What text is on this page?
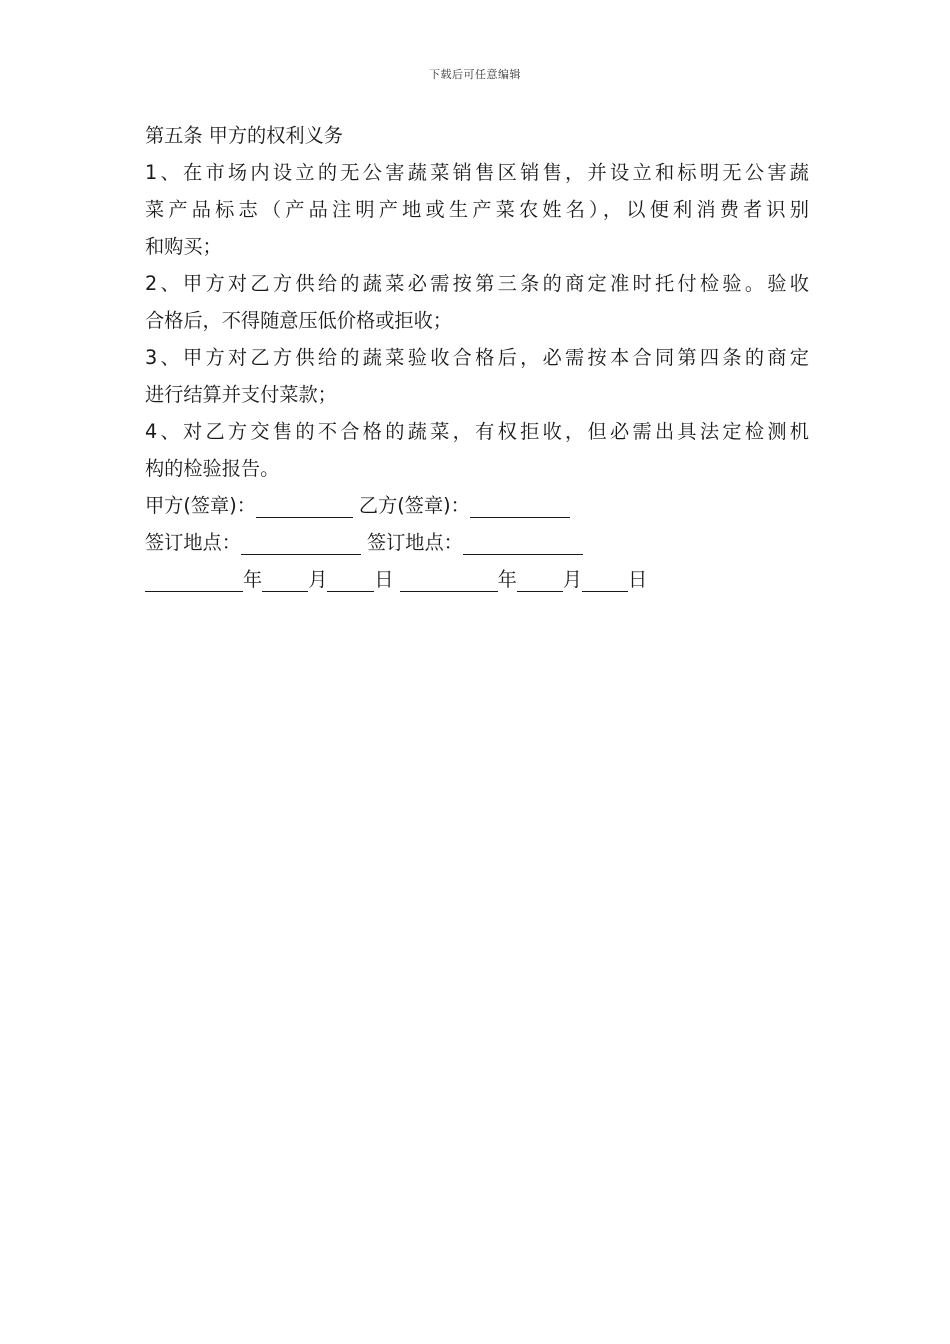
下载后可任意编辑

第五条 甲方的权利义务

1、在市场内设立的无公害蔬菜销售区销售，并设立和标明无公害蔬
菜产品标志（产品注明产地或生产菜农姓名），以便利消费者识别
和购买；
2、甲方对乙方供给的蔬菜必需按第三条的商定准时托付检验。验收
合格后，不得随意压低价格或拒收；
3、甲方对乙方供给的蔬菜验收合格后，必需按本合同第四条的商定
进行结算并支付菜款；
4、对乙方交售的不合格的蔬菜，有权拒收，但必需出具法定检测机
构的检验报告。
甲方(签章)：	乙方(签章)：
签订地点：	签订地点：
年 月 日	年 月 日
